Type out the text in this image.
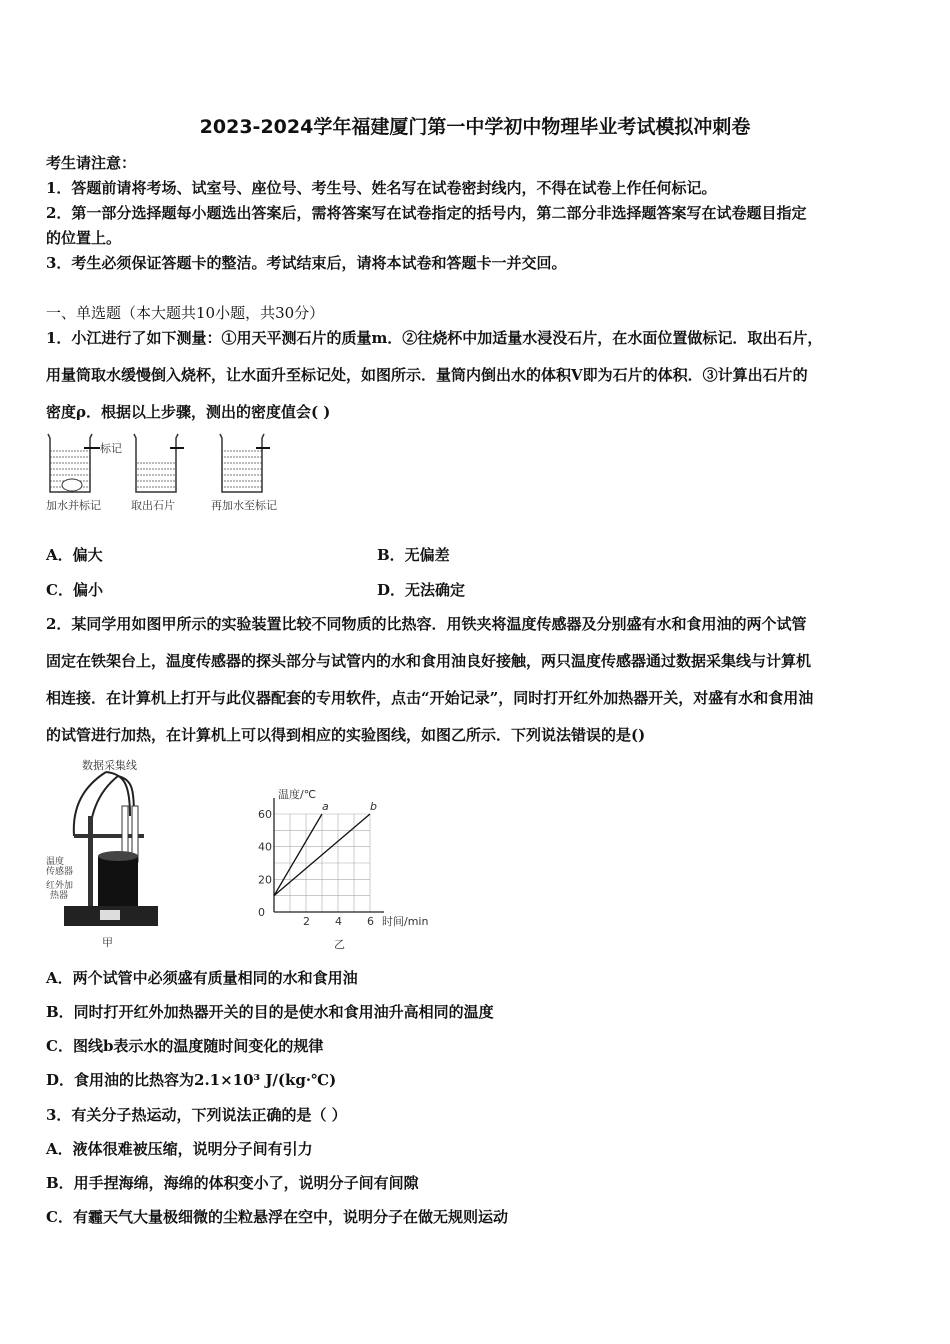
2023-2024学年福建厦门第一中学初中物理毕业考试模拟冲刺卷
考生请注意：
1．答题前请将考场、试室号、座位号、考生号、姓名写在试卷密封线内，不得在试卷上作任何标记。
2．第一部分选择题每小题选出答案后，需将答案写在试卷指定的括号内，第二部分非选择题答案写在试卷题目指定
的位置上。
3．考生必须保证答题卡的整洁。考试结束后，请将本试卷和答题卡一并交回。
一、单选题（本大题共10小题，共30分）
1．小江进行了如下测量：①用天平测石片的质量m．②往烧杯中加适量水浸没石片，在水面位置做标记．取出石片，
用量筒取水缓慢倒入烧杯，让水面升至标记处，如图所示．量筒内倒出水的体积V即为石片的体积．③计算出石片的
密度ρ．根据以上步骤，测出的密度值会( )
标记
加水并标记	取出石片	再加水至标记
A．偏大	B．无偏差
C．偏小	D．无法确定
2．某同学用如图甲所示的实验装置比较不同物质的比热容．用铁夹将温度传感器及分别盛有水和食用油的两个试管
固定在铁架台上，温度传感器的探头部分与试管内的水和食用油良好接触，两只温度传感器通过数据采集线与计算机
相连接．在计算机上打开与此仪器配套的专用软件，点击“开始记录”，同时打开红外加热器开关，对盛有水和食用油
的试管进行加热，在计算机上可以得到相应的实验图线，如图乙所示．下列说法错误的是()
数据采集线
温度
传感器
红外加
热器
甲
2 4 6
0
20
40
60
a	b
温度/℃
时间/min
乙
A．两个试管中必须盛有质量相同的水和食用油
B．同时打开红外加热器开关的目的是使水和食用油升高相同的温度
C．图线b表示水的温度随时间变化的规律
D．食用油的比热容为2.1×10³ J/(kg·℃)
3．有关分子热运动，下列说法正确的是（ ）
A．液体很难被压缩，说明分子间有引力
B．用手捏海绵，海绵的体积变小了，说明分子间有间隙
C．有霾天气大量极细微的尘粒悬浮在空中，说明分子在做无规则运动
